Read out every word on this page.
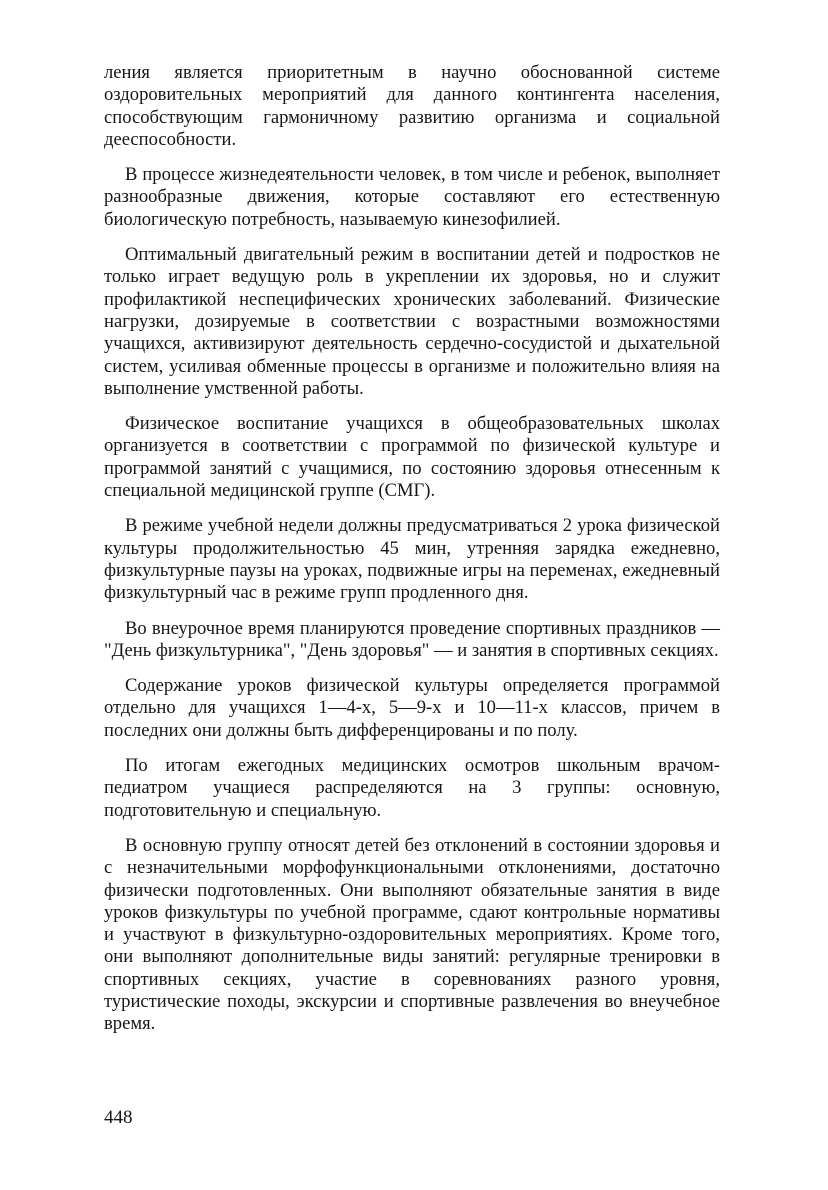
ления является приоритетным в научно обоснованной системе оздоровительных мероприятий для данного контингента населения, способствующим гармоничному развитию организма и социальной дееспособности.

В процессе жизнедеятельности человек, в том числе и ребенок, выполняет разнообразные движения, которые составляют его естественную биологическую потребность, называемую кинезофилией.

Оптимальный двигательный режим в воспитании детей и подростков не только играет ведущую роль в укреплении их здоровья, но и служит профилактикой неспецифических хронических заболеваний. Физические нагрузки, дозируемые в соответствии с возрастными возможностями учащихся, активизируют деятельность сердечно-сосудистой и дыхательной систем, усиливая обменные процессы в организме и положительно влияя на выполнение умственной работы.

Физическое воспитание учащихся в общеобразовательных школах организуется в соответствии с программой по физической культуре и программой занятий с учащимися, по состоянию здоровья отнесенным к специальной медицинской группе (СМГ).

В режиме учебной недели должны предусматриваться 2 урока физической культуры продолжительностью 45 мин, утренняя зарядка ежедневно, физкультурные паузы на уроках, подвижные игры на переменах, ежедневный физкультурный час в режиме групп продленного дня.

Во внеурочное время планируются проведение спортивных праздников — "День физкультурника", "День здоровья" — и занятия в спортивных секциях.

Содержание уроков физической культуры определяется программой отдельно для учащихся 1—4-х, 5—9-х и 10—11-х классов, причем в последних они должны быть дифференцированы и по полу.

По итогам ежегодных медицинских осмотров школьным врачом-педиатром учащиеся распределяются на 3 группы: основную, подготовительную и специальную.

В основную группу относят детей без отклонений в состоянии здоровья и с незначительными морфофункциональными отклонениями, достаточно физически подготовленных. Они выполняют обязательные занятия в виде уроков физкультуры по учебной программе, сдают контрольные нормативы и участвуют в физкультурно-оздоровительных мероприятиях. Кроме того, они выполняют дополнительные виды занятий: регулярные тренировки в спортивных секциях, участие в соревнованиях разного уровня, туристические походы, экскурсии и спортивные развлечения во внеучебное время.

448
